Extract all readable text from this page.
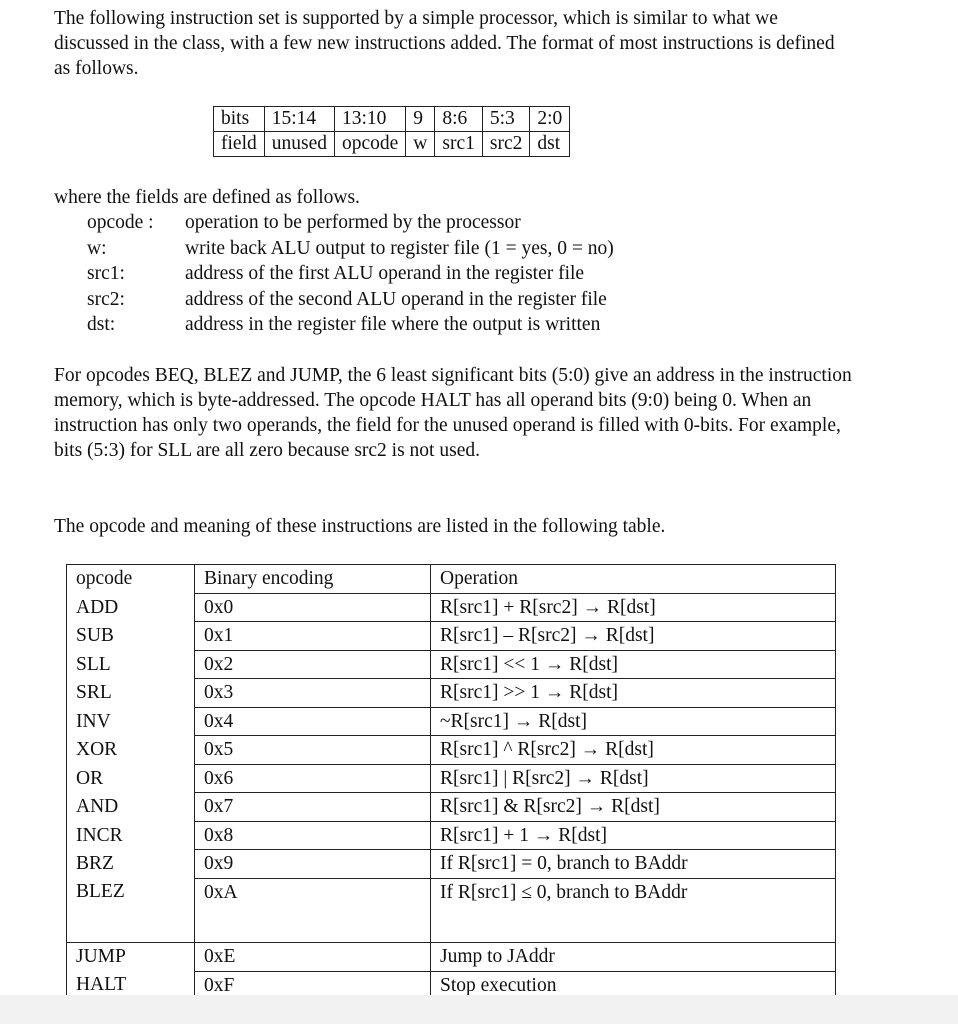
The following instruction set is supported by a simple processor, which is similar to what we discussed in the class, with a few new instructions added. The format of most instructions is defined as follows.

bits	15:14	13:10	9	8:6	5:3	2:0
field	unused	opcode	w	src1	src2	dst

where the fields are defined as follows.

opcode : operation to be performed by the processor
w:	write back ALU output to register file (1 = yes, 0 = no)
src1:	address of the first ALU operand in the register file
src2:	address of the second ALU operand in the register file
dst:	address in the register file where the output is written

For opcodes BEQ, BLEZ and JUMP, the 6 least significant bits (5:0) give an address in the instruction memory, which is byte-addressed. The opcode HALT has all operand bits (9:0) being 0. When an instruction has only two operands, the field for the unused operand is filled with 0-bits. For example, bits (5:3) for SLL are all zero because src2 is not used.

The opcode and meaning of these instructions are listed in the following table.

opcode	Binary encoding	Operation
ADD	0x0	R[src1] + R[src2] → R[dst]
SUB	0x1	R[src1] – R[src2] → R[dst]
SLL	0x2	R[src1] << 1 → R[dst]
SRL	0x3	R[src1] >> 1 → R[dst]
INV	0x4	~R[src1] → R[dst]
XOR	0x5	R[src1] ^ R[src2] → R[dst]
OR	0x6	R[src1] | R[src2] → R[dst]
AND	0x7	R[src1] & R[src2] → R[dst]
INCR	0x8	R[src1] + 1 → R[dst]
BRZ	0x9	If R[src1] = 0, branch to BAddr
BLEZ	0xA	If R[src1] ≤ 0, branch to BAddr

JUMP	0xE	Jump to JAddr
HALT	0xF	Stop execution
